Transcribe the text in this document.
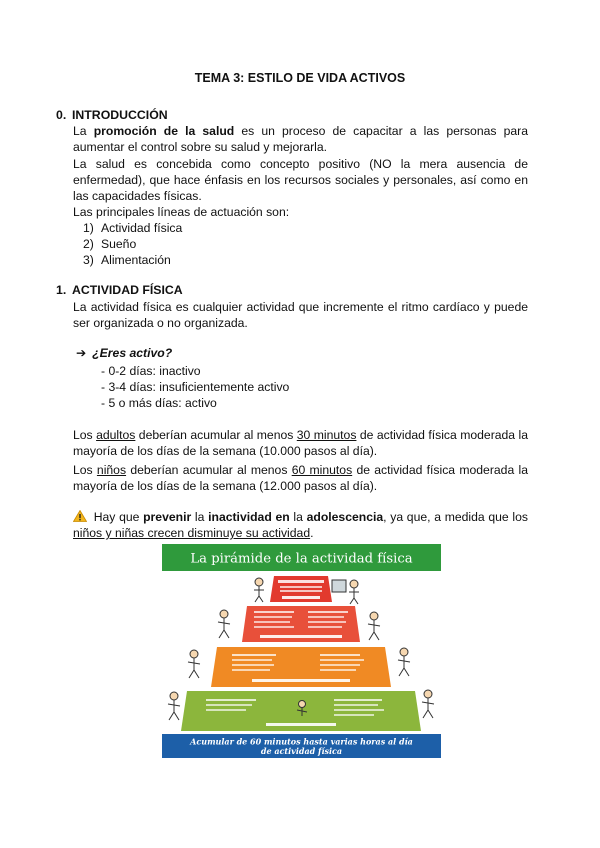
TEMA 3: ESTILO DE VIDA ACTIVOS
0. INTRODUCCIÓN
La promoción de la salud es un proceso de capacitar a las personas para
aumentar el control sobre su salud y mejorarla.
La salud es concebida como concepto positivo (NO la mera ausencia de
enfermedad), que hace énfasis en los recursos sociales y personales, así como en
las capacidades físicas.
Las principales líneas de actuación son:
1) Actividad física
2) Sueño
3) Alimentación
1. ACTIVIDAD FÍSICA
La actividad física es cualquier actividad que incremente el ritmo cardíaco y puede
ser organizada o no organizada.
➔ ¿Eres activo?
- 0-2 días: inactivo
- 3-4 días: insuficientemente activo
- 5 o más días: activo
Los adultos deberían acumular al menos 30 minutos de actividad física moderada la
mayoría de los días de la semana (10.000 pasos al día).
Los niños deberían acumular al menos 60 minutos de actividad física moderada la
mayoría de los días de la semana (12.000 pasos al día).
Hay que prevenir la inactividad en la adolescencia, ya que, a medida que los
niños y niñas crecen disminuye su actividad.
La pirámide de la actividad física
Acumular de 60 minutos hasta varias horas al día
de actividad física
